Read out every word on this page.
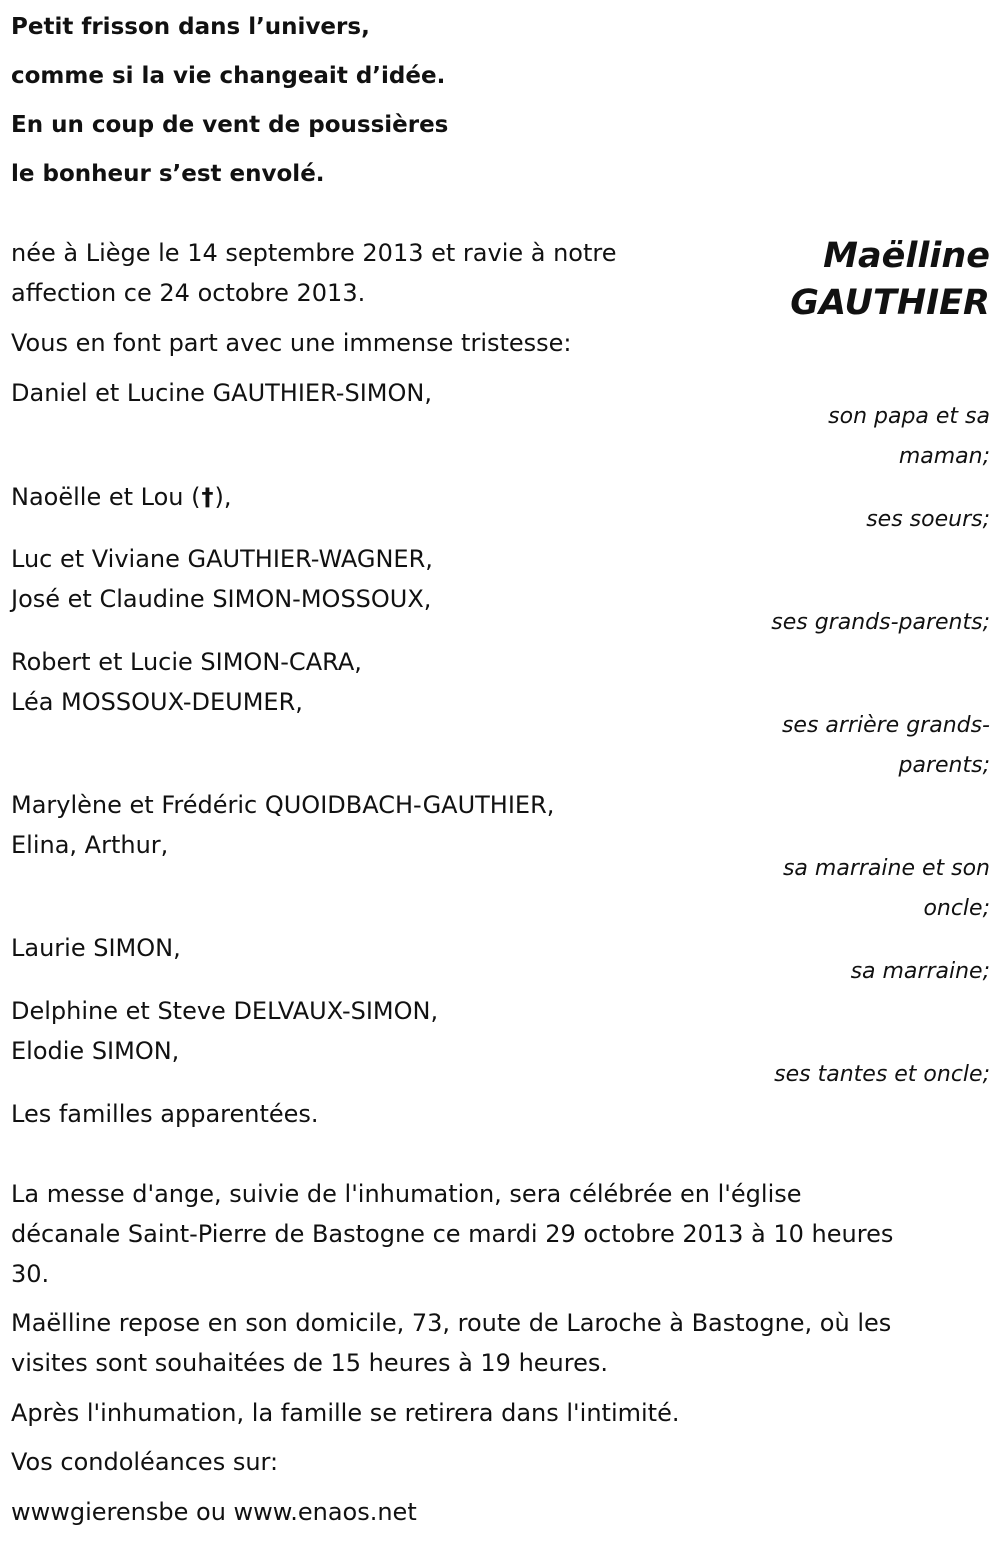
Petit frisson dans l’univers,
comme si la vie changeait d’idée.
En un coup de vent de poussières
le bonheur s’est envolé.
Maëlline
GAUTHIER
née à Liège le 14 septembre 2013 et ravie à notre
affection ce 24 octobre 2013.
Vous en font part avec une immense tristesse:
Daniel et Lucine GAUTHIER-SIMON,
son papa et sa
maman;
Naoëlle et Lou (†),
ses soeurs;
Luc et Viviane GAUTHIER-WAGNER,
José et Claudine SIMON-MOSSOUX,
ses grands-parents;
Robert et Lucie SIMON-CARA,
Léa MOSSOUX-DEUMER,
ses arrière grands-
parents;
Marylène et Frédéric QUOIDBACH-GAUTHIER,
Elina, Arthur,
sa marraine et son
oncle;
Laurie SIMON,
sa marraine;
Delphine et Steve DELVAUX-SIMON,
Elodie SIMON,
ses tantes et oncle;
Les familles apparentées.
La messe d'ange, suivie de l'inhumation, sera célébrée en l'église
décanale Saint-Pierre de Bastogne ce mardi 29 octobre 2013 à 10 heures
30.
Maëlline repose en son domicile, 73, route de Laroche à Bastogne, où les
visites sont souhaitées de 15 heures à 19 heures.
Après l'inhumation, la famille se retirera dans l'intimité.
Vos condoléances sur:
wwwgierensbe ou www.enaos.net
